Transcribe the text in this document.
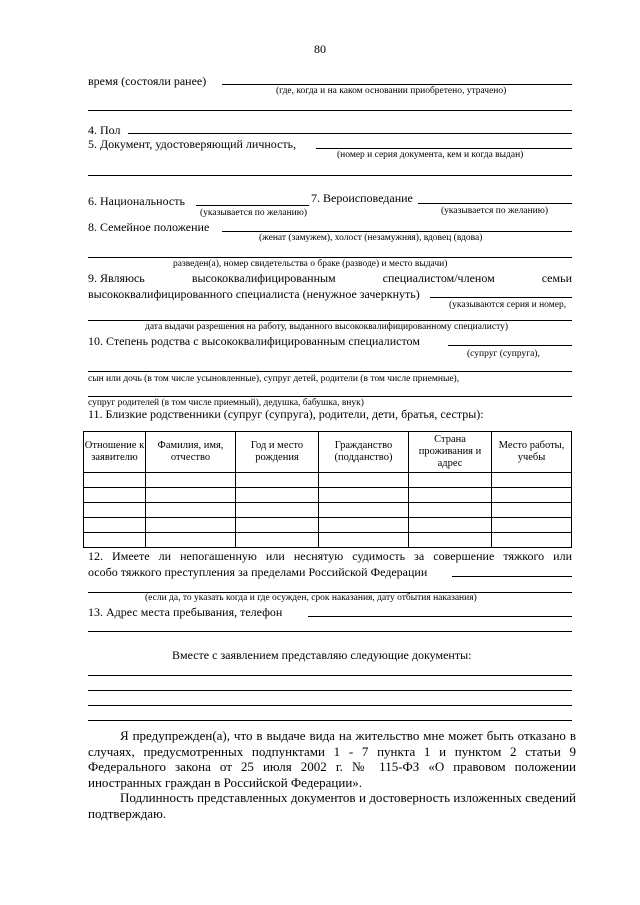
80
время (состояли ранее)
(где, когда и на каком основании приобретено, утрачено)
4. Пол
5. Документ, удостоверяющий личность,
(номер и серия документа, кем и когда выдан)
6. Национальность	7. Вероисповедание
(указывается по желанию)	(указывается по желанию)
8. Семейное положение
(женат (замужем), холост (незамужняя), вдовец (вдова)
разведен(а), номер свидетельства о браке (разводе) и место выдачи)
9. Являюсь	высококвалифицированным	специалистом/членом	семьи
высококвалифицированного специалиста (ненужное зачеркнуть)
(указываются серия и номер,
дата выдачи разрешения на работу, выданного высококвалифицированному специалисту)
10. Степень родства с высококвалифицированным специалистом
(супруг (супруга),
сын или дочь (в том числе усыновленные), супруг детей, родители (в том числе приемные),
супруг родителей (в том числе приемный), дедушка, бабушка, внук)
11. Близкие родственники (супруг (супруга), родители, дети, братья, сестры):
Отношение к заявителю	Фамилия, имя, отчество	Год и место рождения	Гражданство (подданство)	Страна проживания и адрес	Место работы, учебы

12. Имеете ли непогашенную или неснятую судимость за совершение тяжкого или
особо тяжкого преступления за пределами Российской Федерации
(если да, то указать когда и где осужден, срок наказания, дату отбытия наказания)
13. Адрес места пребывания, телефон
Вместе с заявлением представляю следующие документы:

Я предупрежден(а), что в выдаче вида на жительство мне может быть отказано в случаях, предусмотренных подпунктами 1 - 7 пункта 1 и пунктом 2 статьи 9 Федерального закона от 25 июля 2002 г. № 115-ФЗ «О правовом положении иностранных граждан в Российской Федерации».

Подлинность представленных документов и достоверность изложенных сведений подтверждаю.
